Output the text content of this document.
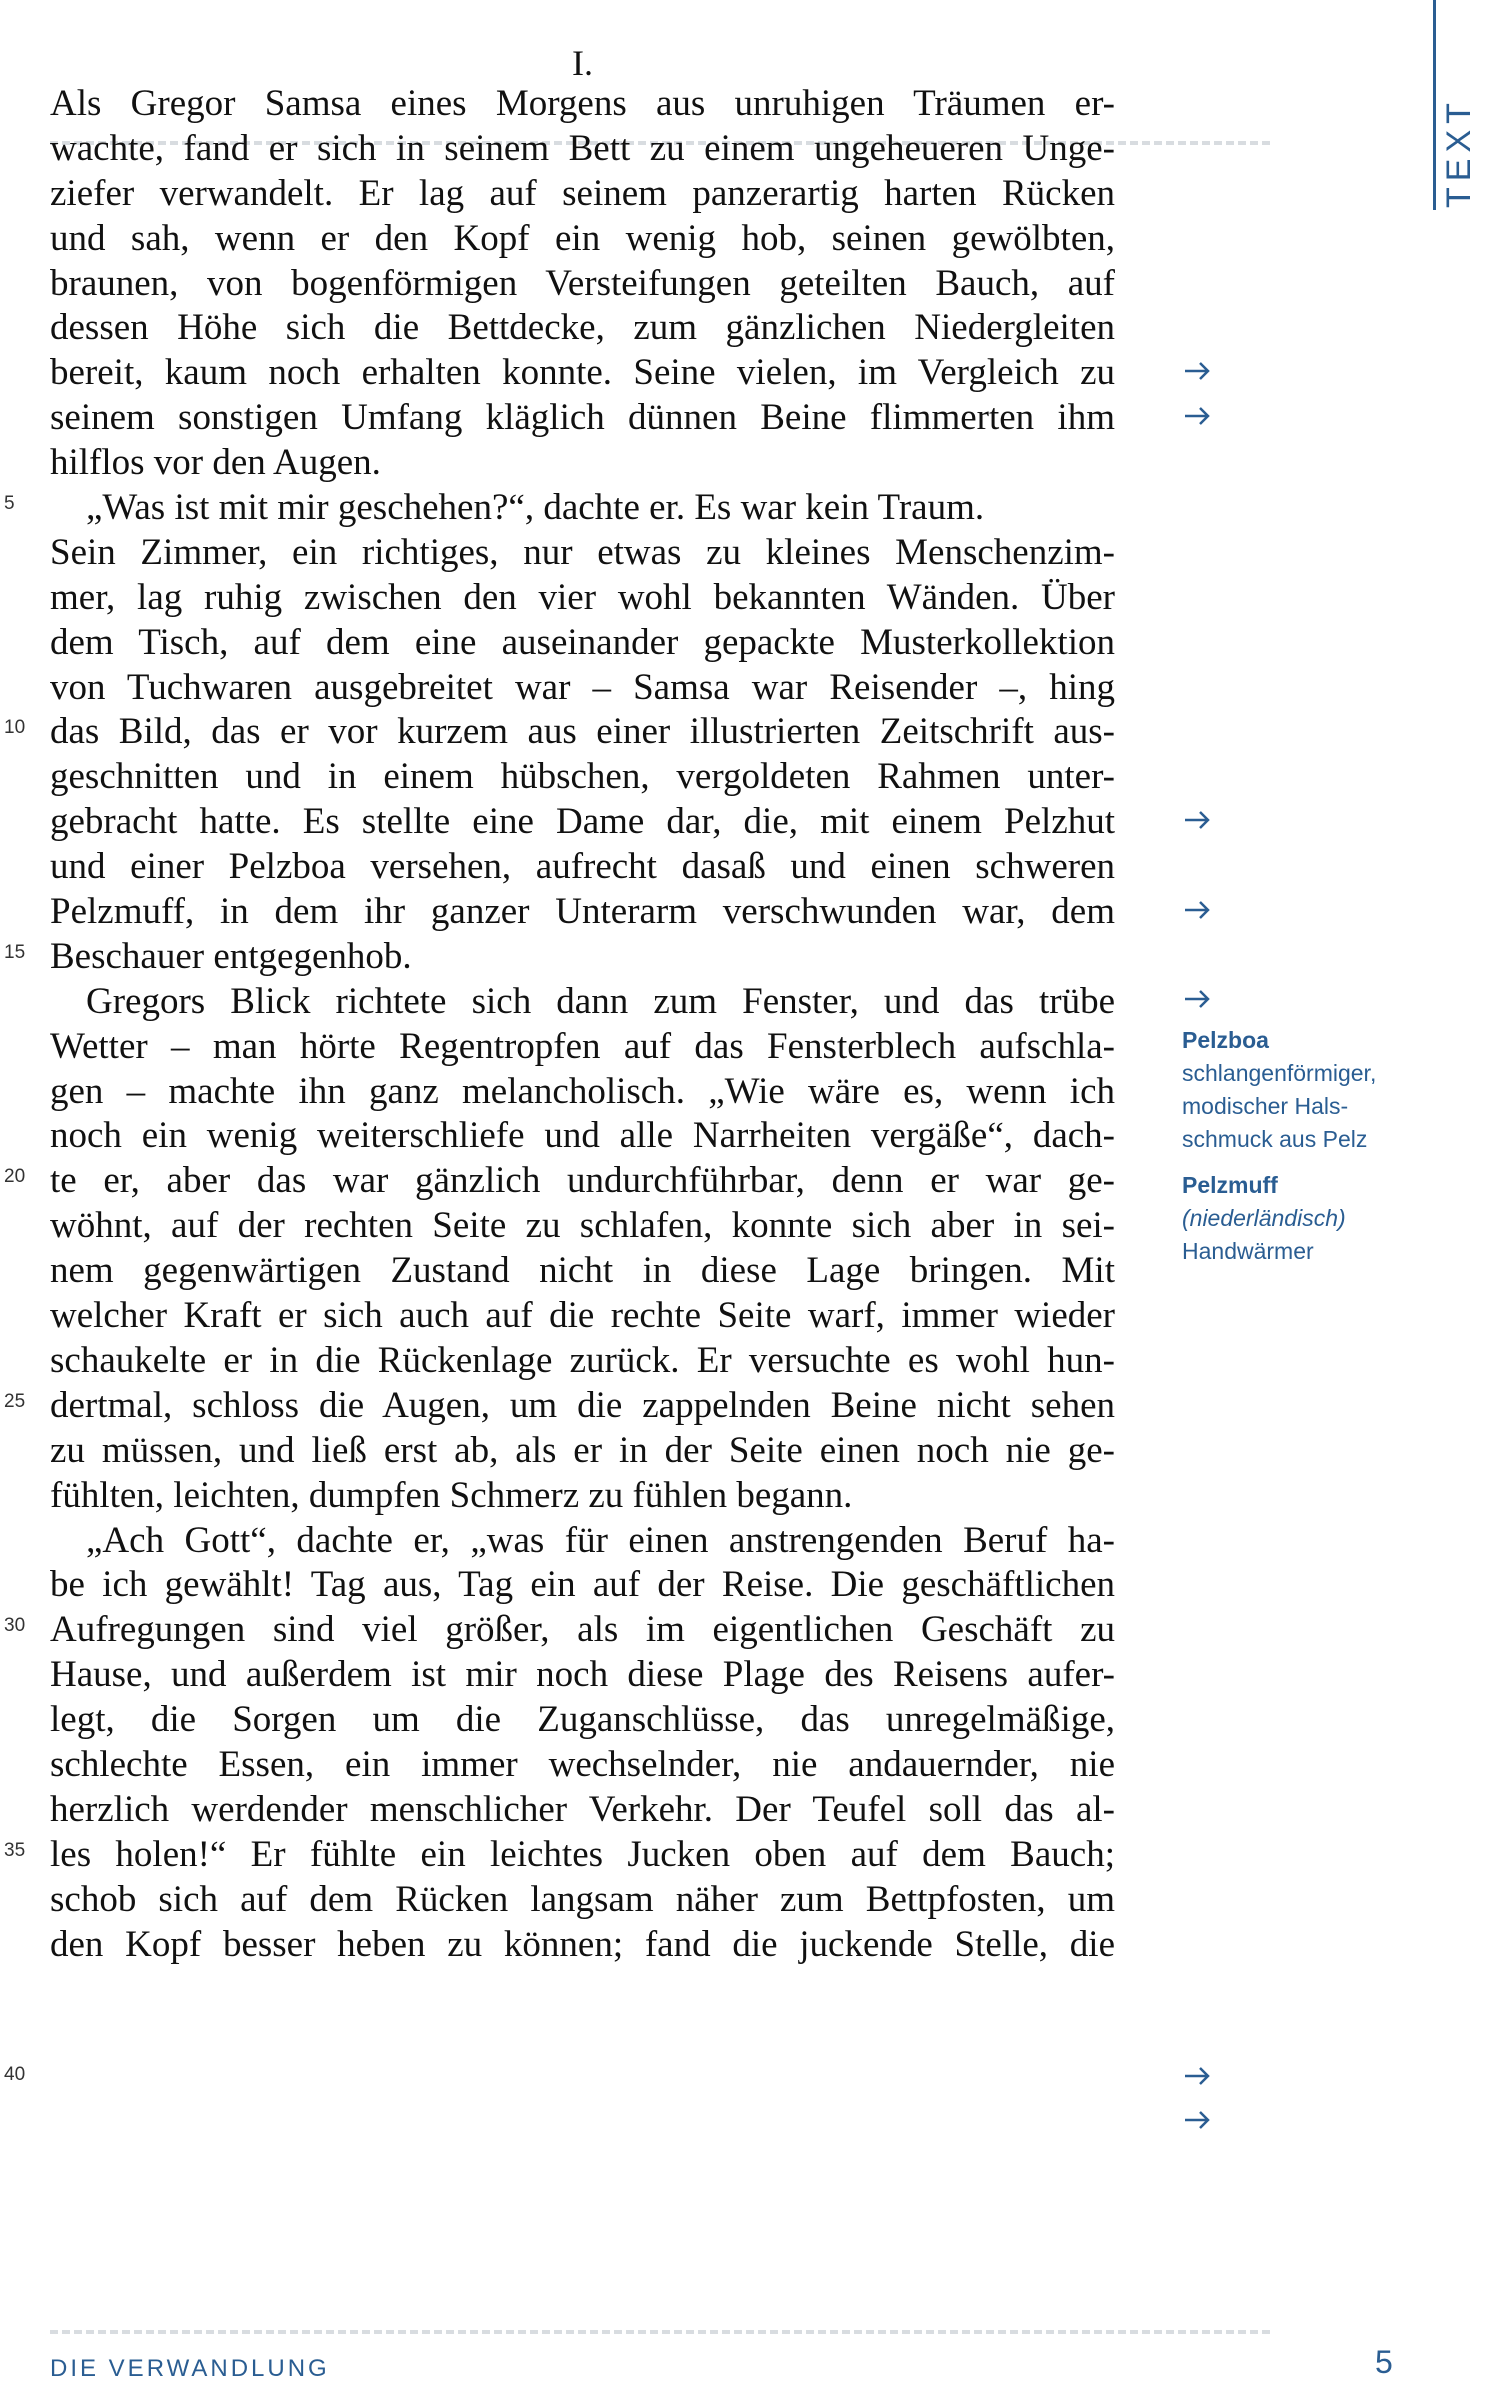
TEXT
I.
Als Gregor Samsa eines Morgens aus unruhigen Träumen er-
wachte, fand er sich in seinem Bett zu einem ungeheueren Unge-
ziefer verwandelt. Er lag auf seinem panzerartig harten Rücken
und sah, wenn er den Kopf ein wenig hob, seinen gewölbten,
braunen, von bogenförmigen Versteifungen geteilten Bauch, auf
dessen Höhe sich die Bettdecke, zum gänzlichen Niedergleiten
bereit, kaum noch erhalten konnte. Seine vielen, im Vergleich zu
seinem sonstigen Umfang kläglich dünnen Beine flimmerten ihm
hilflos vor den Augen.
„Was ist mit mir geschehen?“, dachte er. Es war kein Traum.
Sein Zimmer, ein richtiges, nur etwas zu kleines Menschenzim-
mer, lag ruhig zwischen den vier wohl bekannten Wänden. Über
dem Tisch, auf dem eine auseinander gepackte Musterkollektion
von Tuchwaren ausgebreitet war – Samsa war Reisender –, hing
das Bild, das er vor kurzem aus einer illustrierten Zeitschrift aus-
geschnitten und in einem hübschen, vergoldeten Rahmen unter-
gebracht hatte. Es stellte eine Dame dar, die, mit einem Pelzhut
und einer Pelzboa versehen, aufrecht dasaß und einen schweren
Pelzmuff, in dem ihr ganzer Unterarm verschwunden war, dem
Beschauer entgegenhob.
Gregors Blick richtete sich dann zum Fenster, und das trübe
Wetter – man hörte Regentropfen auf das Fensterblech aufschla-
gen – machte ihn ganz melancholisch. „Wie wäre es, wenn ich
noch ein wenig weiterschliefe und alle Narrheiten vergäße“, dach-
te er, aber das war gänzlich undurchführbar, denn er war ge-
wöhnt, auf der rechten Seite zu schlafen, konnte sich aber in sei-
nem gegenwärtigen Zustand nicht in diese Lage bringen. Mit
welcher Kraft er sich auch auf die rechte Seite warf, immer wieder
schaukelte er in die Rückenlage zurück. Er versuchte es wohl hun-
dertmal, schloss die Augen, um die zappelnden Beine nicht sehen
zu müssen, und ließ erst ab, als er in der Seite einen noch nie ge-
fühlten, leichten, dumpfen Schmerz zu fühlen begann.
„Ach Gott“, dachte er, „was für einen anstrengenden Beruf ha-
be ich gewählt! Tag aus, Tag ein auf der Reise. Die geschäftlichen
Aufregungen sind viel größer, als im eigentlichen Geschäft zu
Hause, und außerdem ist mir noch diese Plage des Reisens aufer-
legt, die Sorgen um die Zuganschlüsse, das unregelmäßige,
schlechte Essen, ein immer wechselnder, nie andauernder, nie
herzlich werdender menschlicher Verkehr. Der Teufel soll das al-
les holen!“ Er fühlte ein leichtes Jucken oben auf dem Bauch;
schob sich auf dem Rücken langsam näher zum Bettpfosten, um
den Kopf besser heben zu können; fand die juckende Stelle, die
5
10
15
20
25
30
35
40
Pelzboa
schlangenförmiger, modischer Hals-schmuck aus Pelz
Pelzmuff
(niederländisch)
Handwärmer
DIE VERWANDLUNG	5
